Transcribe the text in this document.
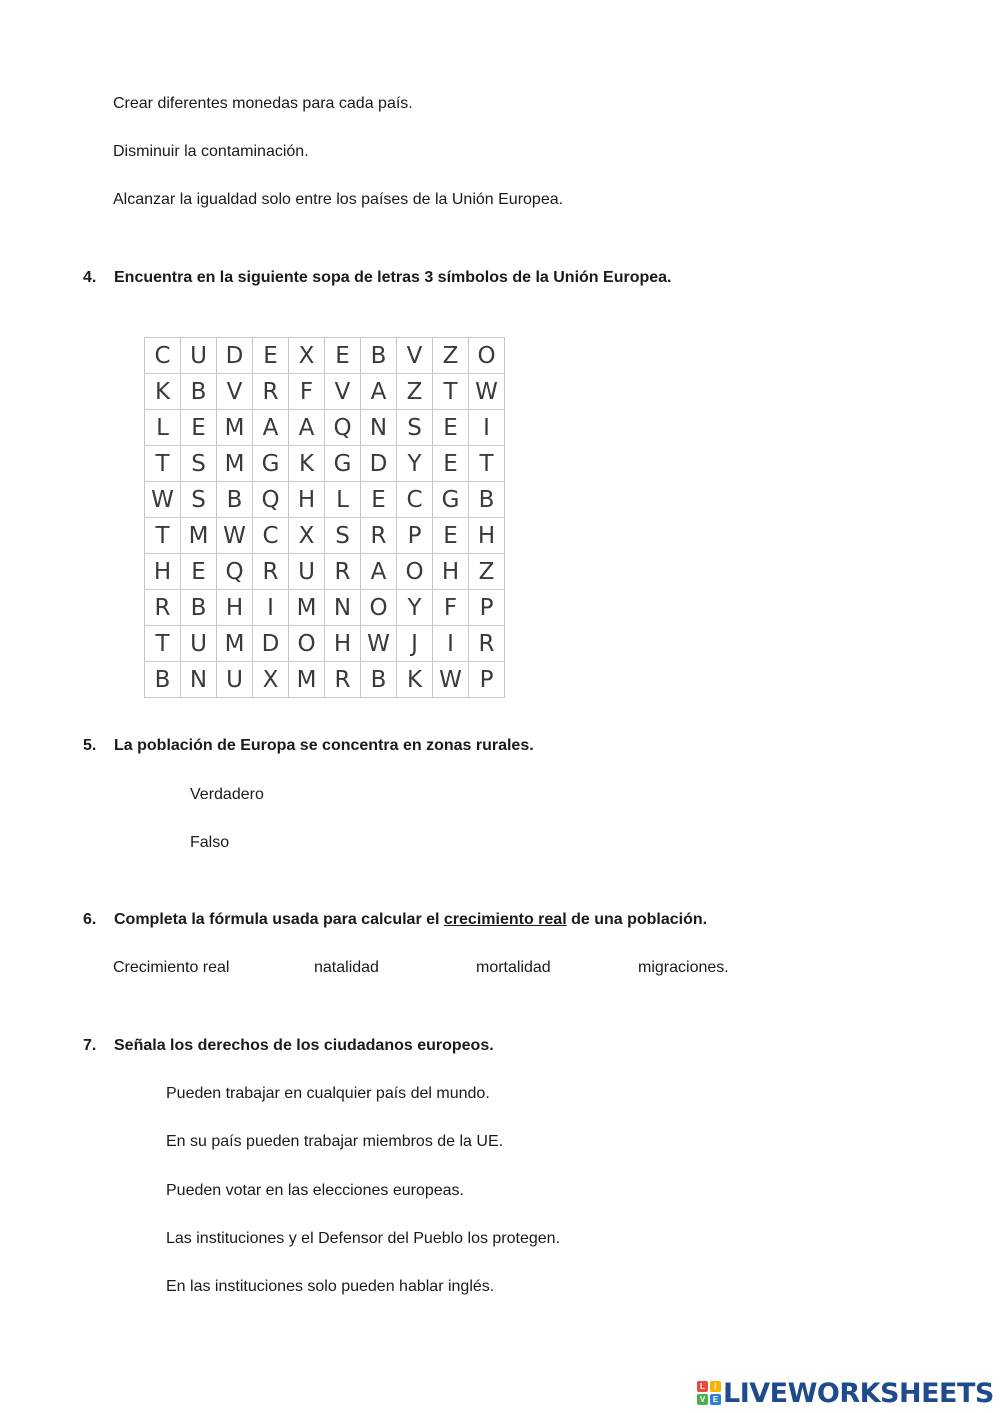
Crear diferentes monedas para cada país.
Disminuir la contaminación.
Alcanzar la igualdad solo entre los países de la Unión Europea.
4. Encuentra en la siguiente sopa de letras 3 símbolos de la Unión Europea.
C	U	D	E	X	E	B	V	Z	O
K	B	V	R	F	V	A	Z	T	W
L	E	M	A	A	Q	N	S	E	I
T	S	M	G	K	G	D	Y	E	T
W	S	B	Q	H	L	E	C	G	B
T	M	W	C	X	S	R	P	E	H
H	E	Q	R	U	R	A	O	H	Z
R	B	H	I	M	N	O	Y	F	P
T	U	M	D	O	H	W	J	I	R
B	N	U	X	M	R	B	K	W	P
5. La población de Europa se concentra en zonas rurales.
Verdadero
Falso
6. Completa la fórmula usada para calcular el crecimiento real de una población.
Crecimiento real	natalidad	mortalidad	migraciones.
7. Señala los derechos de los ciudadanos europeos.
Pueden trabajar en cualquier país del mundo.
En su país pueden trabajar miembros de la UE.
Pueden votar en las elecciones europeas.
Las instituciones y el Defensor del Pueblo los protegen.
En las instituciones solo pueden hablar inglés.
L	I
V E LIVEWORKSHEETS
